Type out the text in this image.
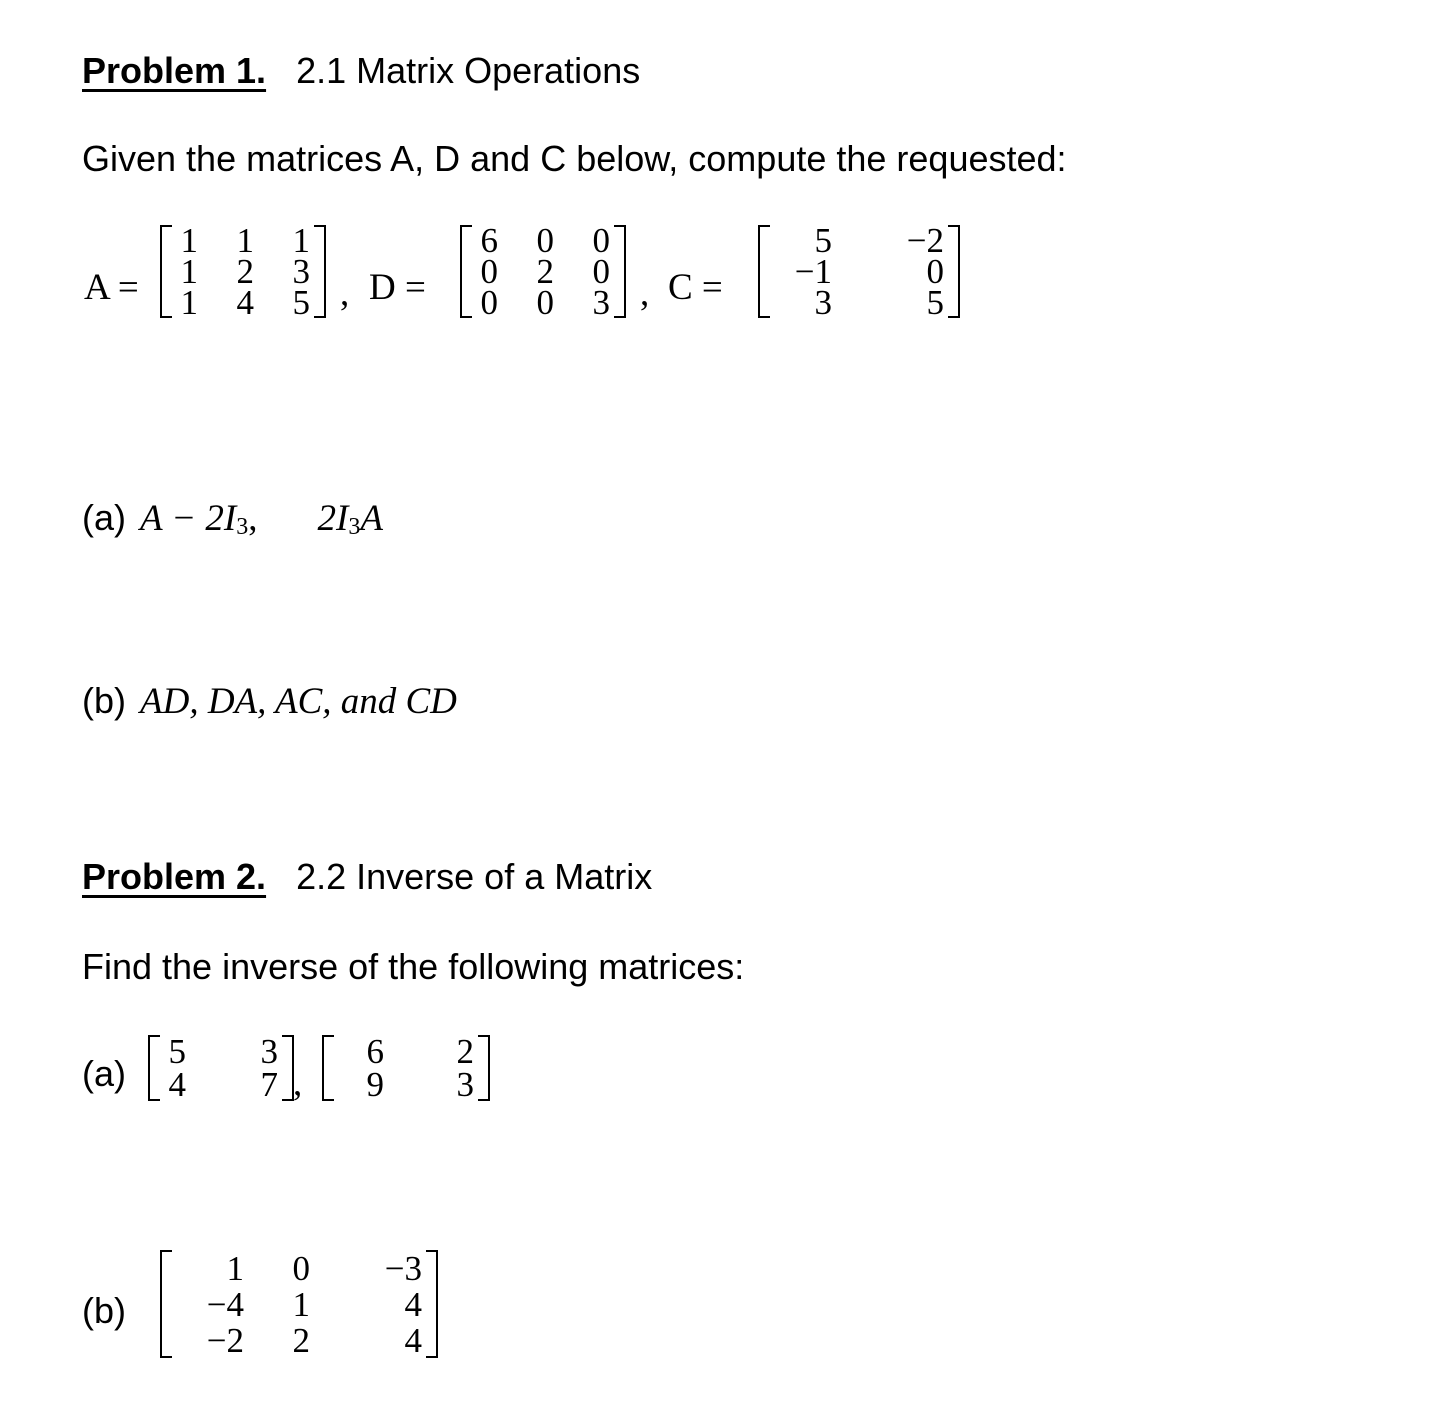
Problem 1. 2.1 Matrix Operations
Given the matrices A, D and C below, compute the requested:
A =
1	1	1
1	2	3
1	4	5 , D =
6	0	0
0	2	0
0	0	3 , C =
5	−2
−1	0
3	5
(a) $A - 2I_3$, $2I_3A$
(b) AD, DA, AC, and CD
Problem 2. 2.2 Inverse of a Matrix
Find the inverse of the following matrices:
(a)
5	3
4	7 ,
6	2
9	3
(b)
1	0	−3
−4	1	4
−2	2	4
